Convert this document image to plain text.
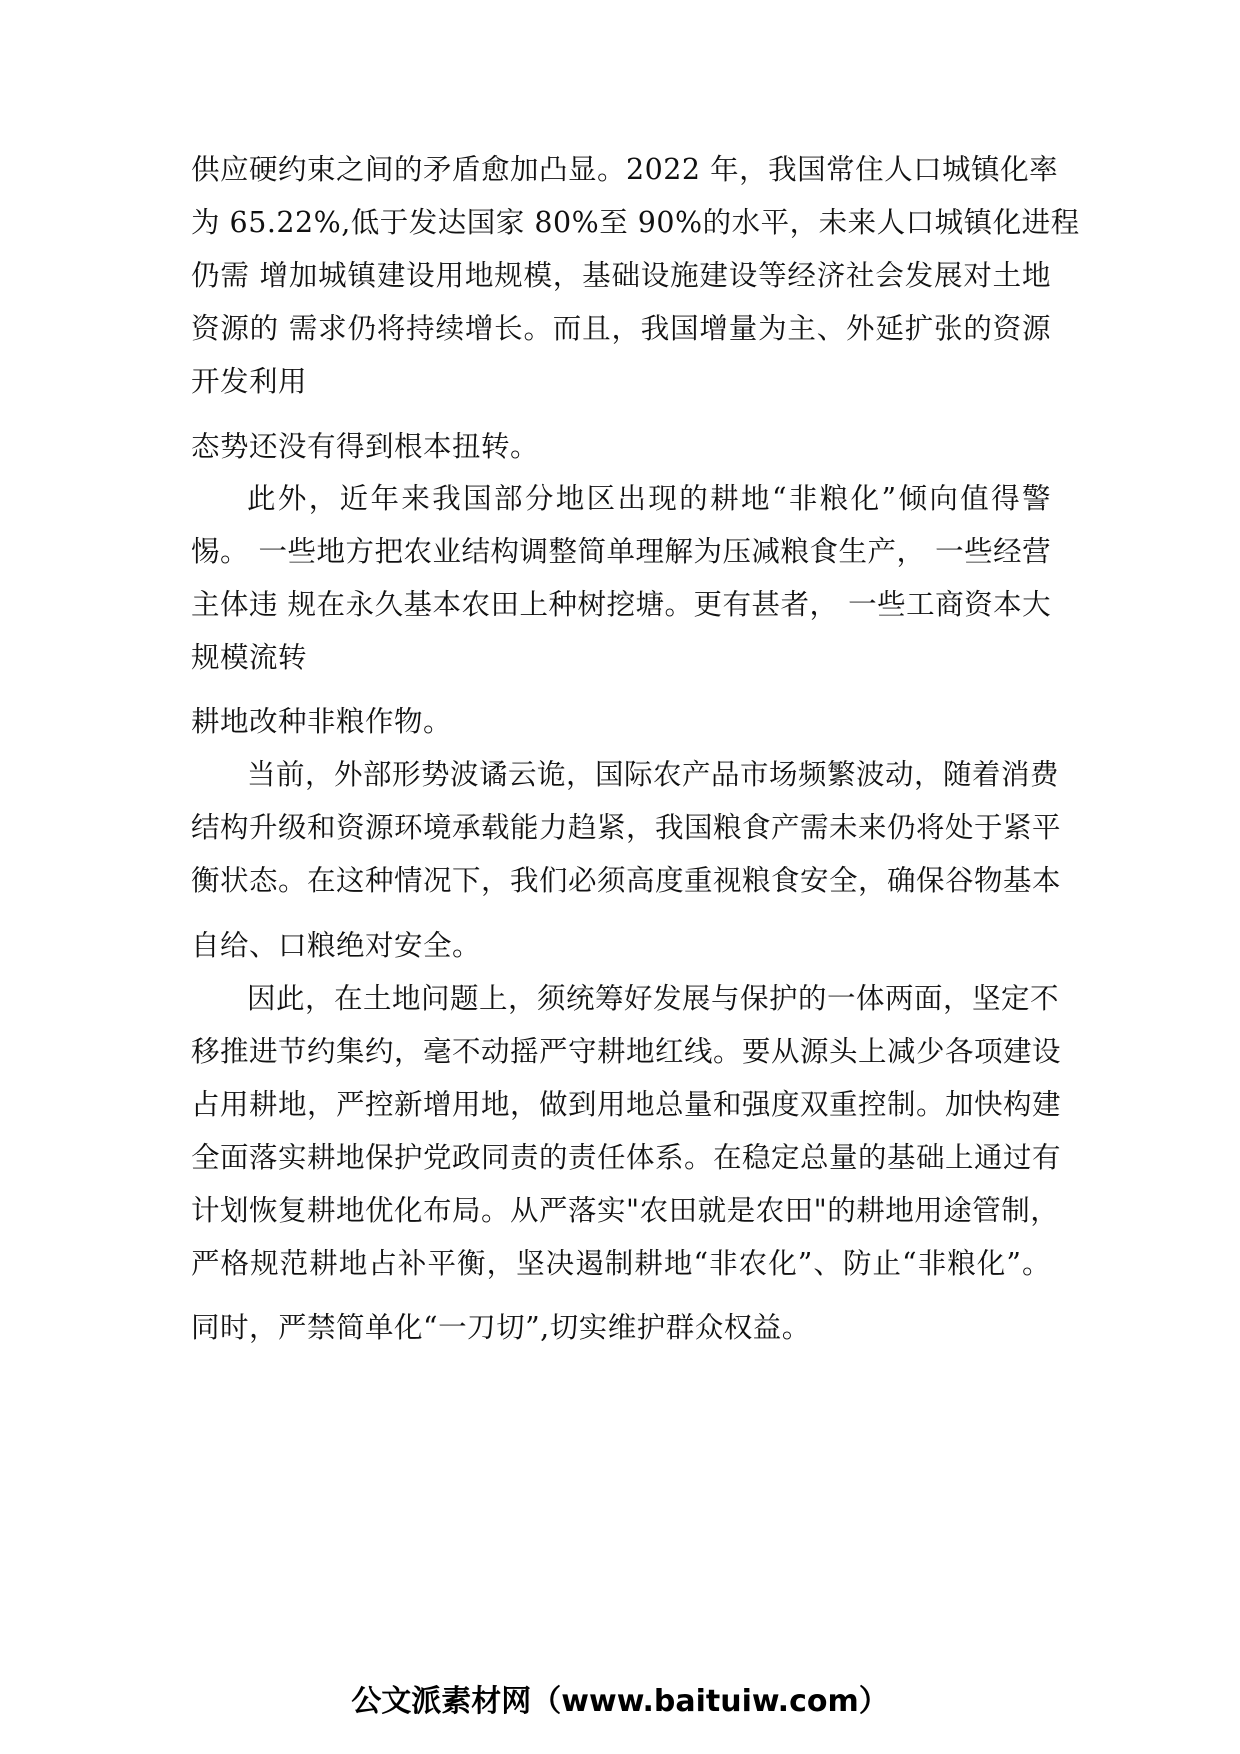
供应硬约束之间的矛盾愈加凸显。2022 年，我国常住人口城镇化率

为 65.22%,低于发达国家 80%至 90%的水平，未来人口城镇化进程

仍需 增加城镇建设用地规模，基础设施建设等经济社会发展对土地

资源的 需求仍将持续增长。而且，我国增量为主、外延扩张的资源

开发利用

态势还没有得到根本扭转。

此外，近年来我国部分地区出现的耕地“非粮化”倾向值得警

惕。 一些地方把农业结构调整简单理解为压减粮食生产， 一些经营

主体违 规在永久基本农田上种树挖塘。更有甚者， 一些工商资本大

规模流转

耕地改种非粮作物。

当前，外部形势波谲云诡，国际农产品市场频繁波动，随着消费

结构升级和资源环境承载能力趋紧，我国粮食产需未来仍将处于紧平

衡状态。在这种情况下，我们必须高度重视粮食安全，确保谷物基本

自给、口粮绝对安全。

因此，在土地问题上，须统筹好发展与保护的一体两面，坚定不

移推进节约集约，毫不动摇严守耕地红线。要从源头上减少各项建设

占用耕地，严控新增用地，做到用地总量和强度双重控制。加快构建

全面落实耕地保护党政同责的责任体系。在稳定总量的基础上通过有

计划恢复耕地优化布局。从严落实"农田就是农田"的耕地用途管制，

严格规范耕地占补平衡，坚决遏制耕地“非农化”、防止“非粮化”。

同时，严禁简单化“一刀切”,切实维护群众权益。

公文派素材网（www.baituiw.com）
